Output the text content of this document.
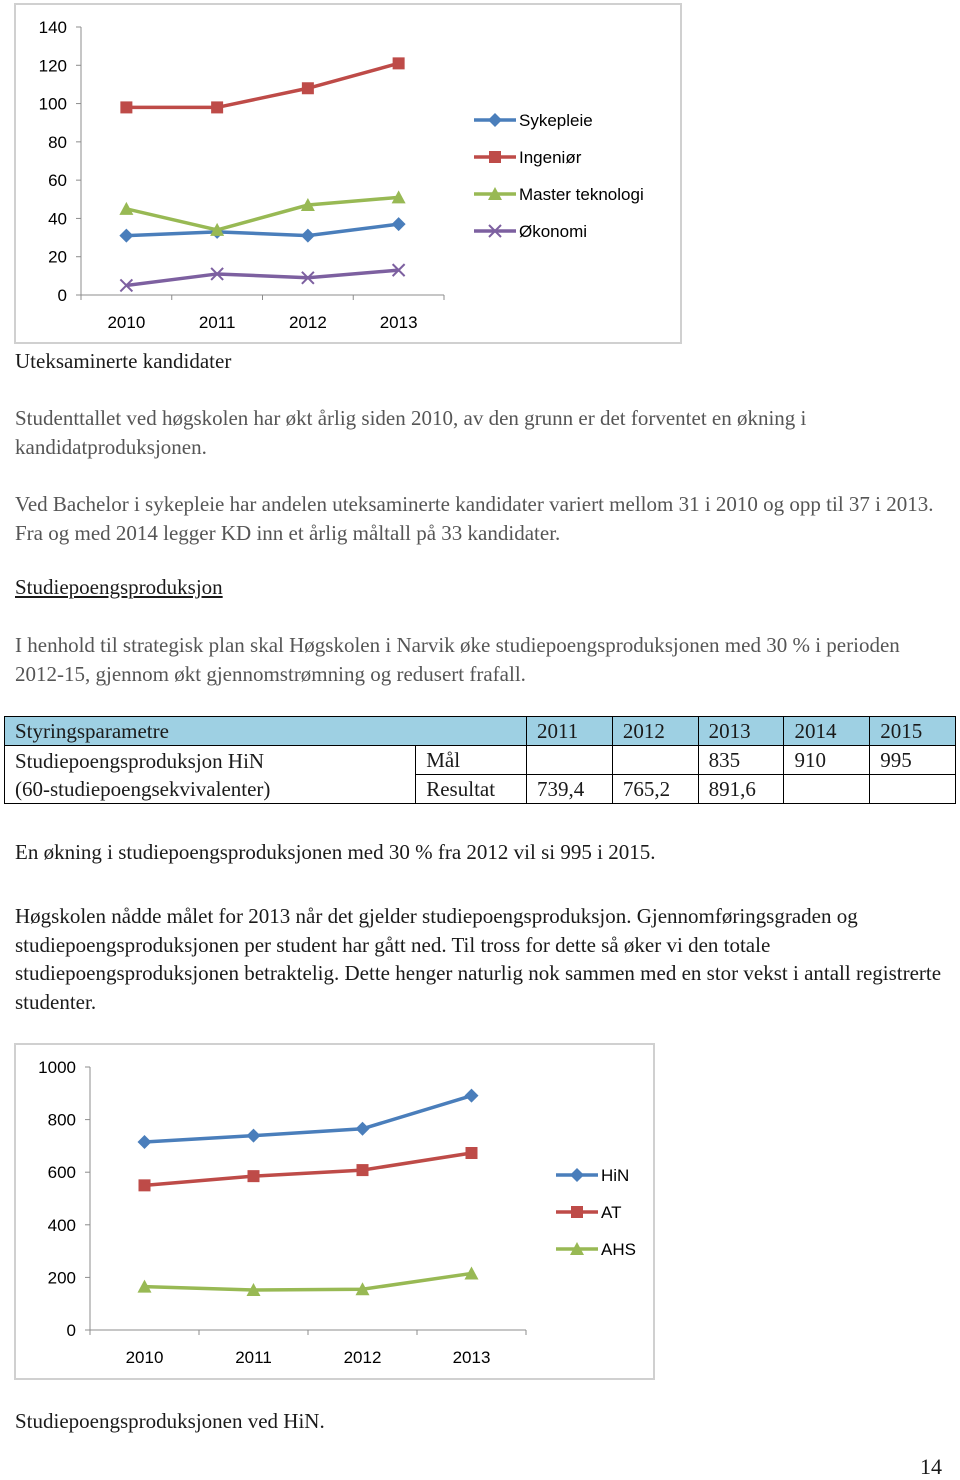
0
20
40
60
80
100
120
140
2010	2011	2012	2013
Sykepleie
Ingeniør
Master teknologi
Økonomi
Uteksaminerte kandidater

Studenttallet ved høgskolen har økt årlig siden 2010, av den grunn er det forventet en økning i kandidatproduksjonen.

Ved Bachelor i sykepleie har andelen uteksaminerte kandidater variert mellom 31 i 2010 og opp til 37 i 2013. Fra og med 2014 legger KD inn et årlig måltall på 33 kandidater.

Studiepoengsproduksjon

I henhold til strategisk plan skal Høgskolen i Narvik øke studiepoengsproduksjonen med 30 % i perioden 2012-15, gjennom økt gjennomstrømning og redusert frafall.

Styringsparametre		2011	2012	2013	2014	2015

Studiepoengsproduksjon HiN
(60-studiepoengsekvivalenter)	Mål			835	910	995
	Resultat	739,4	765,2	891,6		

En økning i studiepoengsproduksjonen med 30 % fra 2012 vil si 995 i 2015.

Høgskolen nådde målet for 2013 når det gjelder studiepoengsproduksjon. Gjennomføringsgraden og studiepoengsproduksjonen per student har gått ned. Til tross for dette så øker vi den totale studiepoengsproduksjonen betraktelig. Dette henger naturlig nok sammen med en stor vekst i antall registrerte studenter.

0
200
400
600
800
1000
2010	2011	2012	2013
HiN
AT
AHS
Studiepoengsproduksjonen ved HiN.
14
